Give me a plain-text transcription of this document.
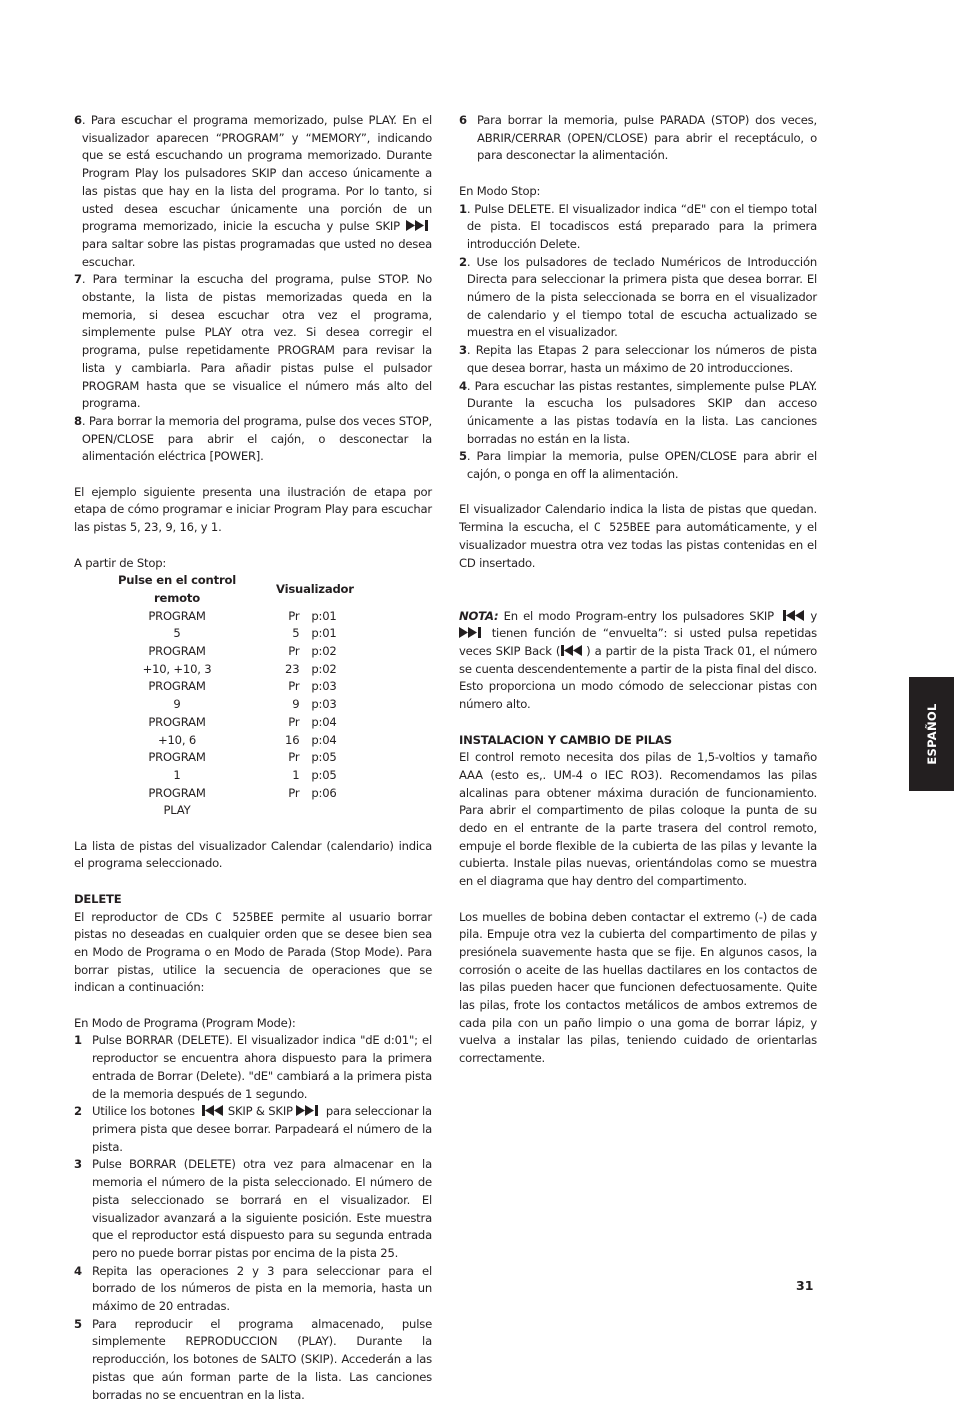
6 . Para escuchar el programa memorizado, pulse PLAY. En el visualizador aparecen “PROGRAM” y “MEMORY”, indicando que se está escuchando un programa memorizado. Durante Program Play los pulsadores SKIP dan acceso únicamente a las pistas que hay en la lista del programa. Por lo tanto, si usted desea escuchar únicamente una porción de un programa memorizado, inicie la escucha y pulse SKIP
para saltar sobre las pistas programadas que usted no desea escuchar.

7 . Para terminar la escucha del programa, pulse STOP. No obstante, la lista de pistas memorizadas queda en la memoria, si desea escuchar otra vez el programa, simplemente pulse PLAY otra vez. Si desea corregir el programa, pulse repetidamente PROGRAM para revisar la lista y cambiarla. Para añadir pistas pulse el pulsador PROGRAM hasta que se visualice el número más alto del programa.

8 . Para borrar la memoria del programa, pulse dos veces STOP, OPEN/CLOSE para abrir el cajón, o desconectar la alimentación eléctrica [POWER].

El ejemplo siguiente presenta una ilustración de etapa por etapa de cómo programar e iniciar Program Play para escuchar las pistas 5, 23, 9, 16, y 1.

A partir de Stop:

Pulse en el control remoto	Visualizador	
PROGRAM	Pr	p:01
5	5	p:01
PROGRAM	Pr	p:02
+10, +10, 3	23	p:02
PROGRAM	Pr	p:03
9	9	p:03
PROGRAM	Pr	p:04
+10, 6	16	p:04
PROGRAM	Pr	p:05
1	1	p:05
PROGRAM	Pr	p:06
PLAY		

La lista de pistas del visualizador Calendar (calendario) indica el programa seleccionado.

DELETE

El reproductor de CDs C 525BEE permite al usuario borrar pistas no deseadas en cualquier orden que se desee bien sea en Modo de Programa o en Modo de Parada (Stop Mode). Para borrar pistas, utilice la secuencia de operaciones que se indican a continuación:

En Modo de Programa (Program Mode):

1 Pulse BORRAR (DELETE). El visualizador indica "dE d:01"; el reproductor se encuentra ahora dispuesto para la primera entrada de Borrar (Delete). "dE" cambiará a la primera pista de la memoria después de 1 segundo.

2 Utilice los botones	SKIP & SKIP	para seleccionar la primera pista que desee borrar. Parpadeará el número de la pista.

3 Pulse BORRAR (DELETE) otra vez para almacenar en la memoria el número de la pista seleccionado. El número de pista seleccionado se borrará en el visualizador. El visualizador avanzará a la siguiente posición. Este muestra que el reproductor está dispuesto para su segunda entrada pero no puede borrar pistas por encima de la pista 25.

4 Repita las operaciones 2 y 3 para seleccionar para el borrado de los números de pista en la memoria, hasta un máximo de 20 entradas.

5 Para reproducir el programa almacenado, pulse simplemente REPRODUCCION (PLAY). Durante la reproducción, los botones de SALTO (SKIP). Accederán a las pistas que aún forman parte de la lista. Las canciones borradas no se encuentran en la lista.

6 Para borrar la memoria, pulse PARADA (STOP) dos veces, ABRIR/CERRAR (OPEN/CLOSE) para abrir el receptáculo, o para desconectar la alimentación.

En Modo Stop:

1 . Pulse DELETE. El visualizador indica “dE" con el tiempo total de pista. El tocadiscos está preparado para la primera introducción Delete.

2 . Use los pulsadores de teclado Numéricos de Introducción Directa para seleccionar la primera pista que desea borrar. El número de la pista seleccionada se borra en el visualizador de calendario y el tiempo total de escucha actualizado se muestra en el visualizador.

3 . Repita las Etapas 2 para seleccionar los números de pista que desea borrar, hasta un máximo de 20 introducciones.

4 . Para escuchar las pistas restantes, simplemente pulse PLAY. Durante la escucha los pulsadores SKIP dan acceso únicamente a las pistas todavía en la lista. Las canciones borradas no están en la lista.

5 . Para limpiar la memoria, pulse OPEN/CLOSE para abrir el cajón, o ponga en off la alimentación.

El visualizador Calendario indica la lista de pistas que quedan. Termina la escucha, el C 525BEE para automáticamente, y el visualizador muestra otra vez todas las pistas contenidas en el CD insertado.

NOTA: En el modo Program-entry los pulsadores SKIP	y
tienen función de “envuelta”: si usted pulsa repetidas veces SKIP Back ( ) a partir de la pista Track 01, el número se cuenta descendentemente a partir de la pista final del disco. Esto proporciona un modo cómodo de seleccionar pistas con número alto.

INSTALACION Y CAMBIO DE PILAS

El control remoto necesita dos pilas de 1,5-voltios y tamaño AAA (esto es,. UM-4 o IEC RO3). Recomendamos las pilas alcalinas para obtener máxima duración de funcionamiento. Para abrir el compartimento de pilas coloque la punta de su dedo en el entrante de la parte trasera del control remoto, empuje el borde flexible de la cubierta de las pilas y levante la cubierta. Instale pilas nuevas, orientándolas como se muestra en el diagrama que hay dentro del compartimento.

Los muelles de bobina deben contactar el extremo (-) de cada pila. Empuje otra vez la cubierta del compartimento de pilas y presiónela suavemente hasta que se fije. En algunos casos, la corrosión o aceite de las huellas dactilares en los contactos de las pilas pueden hacer que funcionen defectuosamente. Quite las pilas, frote los contactos metálicos de ambos extremos de cada pila con un paño limpio o una goma de borrar lápiz, y vuelva a instalar las pilas, teniendo cuidado de orientarlas correctamente.

ESPAÑOL
31
